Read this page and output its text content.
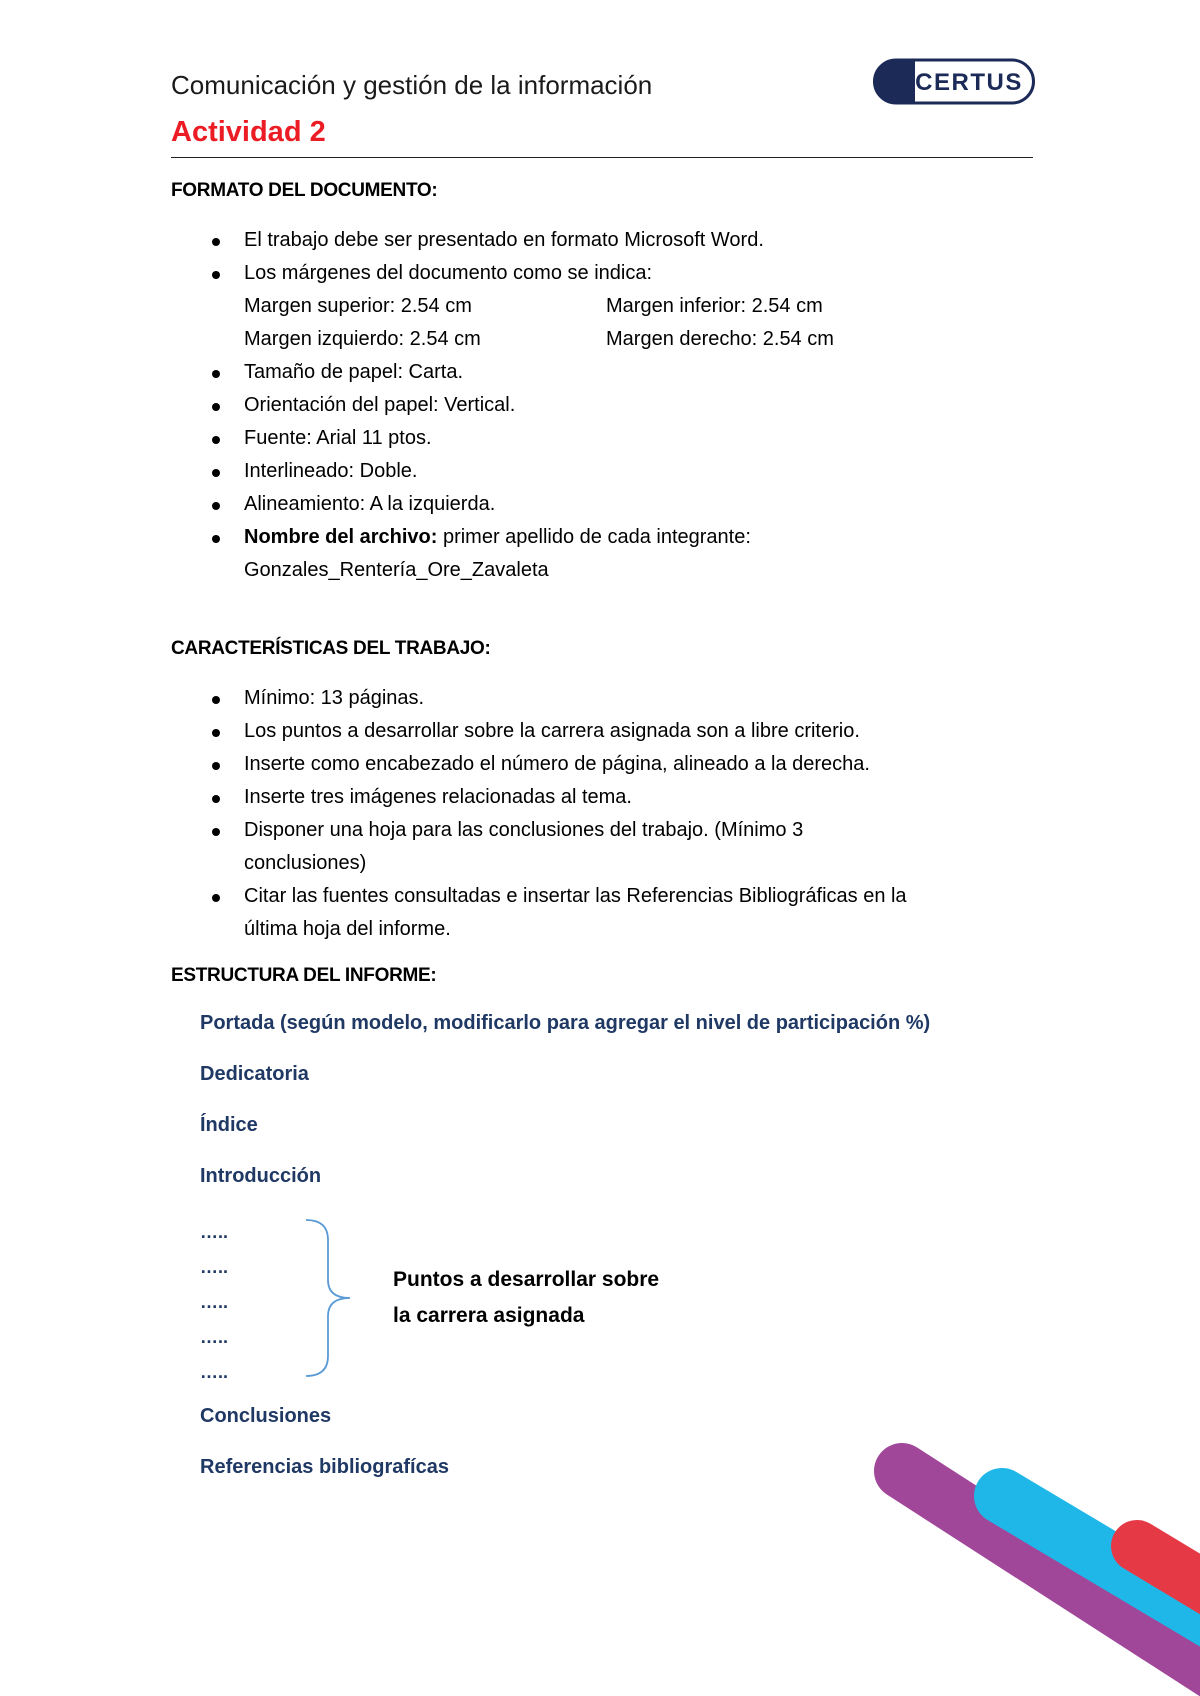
Comunicación y gestión de la información
Actividad 2
CERTUS
FORMATO DEL DOCUMENTO:
El trabajo debe ser presentado en formato Microsoft Word.
Los márgenes del documento como se indica:
Margen superior: 2.54 cm	Margen inferior: 2.54 cm
Margen izquierdo: 2.54 cm	Margen derecho: 2.54 cm
Tamaño de papel: Carta.
Orientación del papel: Vertical.
Fuente: Arial 11 ptos.
Interlineado: Doble.
Alineamiento: A la izquierda.
Nombre del archivo: primer apellido de cada integrante:
Gonzales_Rentería_Ore_Zavaleta
CARACTERÍSTICAS DEL TRABAJO:
Mínimo: 13 páginas.
Los puntos a desarrollar sobre la carrera asignada son a libre criterio.
Inserte como encabezado el número de página, alineado a la derecha.
Inserte tres imágenes relacionadas al tema.
Disponer una hoja para las conclusiones del trabajo. (Mínimo 3 conclusiones)
Citar las fuentes consultadas e insertar las Referencias Bibliográficas en la última hoja del informe.
ESTRUCTURA DEL INFORME:
Portada (según modelo, modificarlo para agregar el nivel de participación %)
Dedicatoria
Índice
Introducción
…..
…..
…..
…..
…..
Puntos a desarrollar sobre
la carrera asignada
Conclusiones
Referencias bibliografícas
